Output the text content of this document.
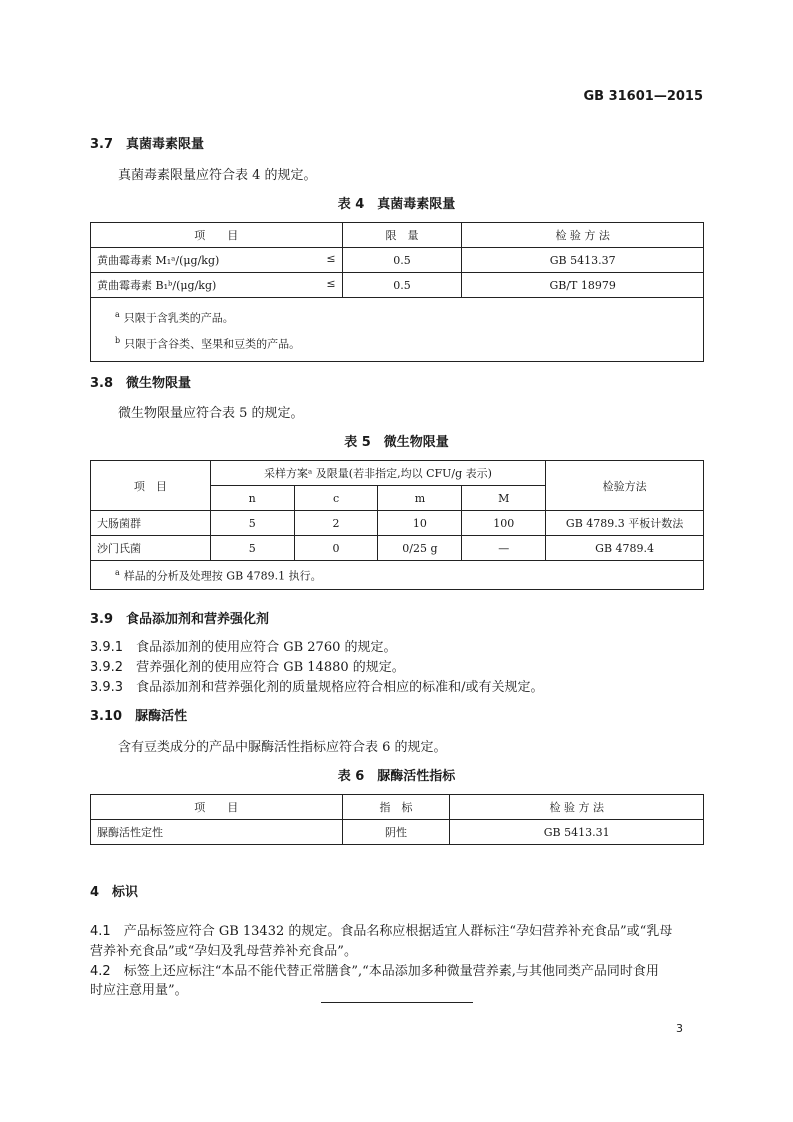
GB 31601—2015
3.7　真菌毒素限量
真菌毒素限量应符合表 4 的规定。
表 4　真菌毒素限量
项　　目	限　量	检 验 方 法
黄曲霉毒素 M₁ᵃ/(μg/kg) ≤	0.5	GB 5413.37
黄曲霉毒素 B₁ᵇ/(μg/kg) ≤	0.5	GB/T 18979

$^a$ 只限于含乳类的产品。
$^b$ 只限于含谷类、坚果和豆类的产品。		
3.8　微生物限量
微生物限量应符合表 5 的规定。
表 5　微生物限量
项　目	采样方案ᵃ 及限量(若非指定,均以 CFU/g 表示)				检验方法
	n	c	m	M	
大肠菌群	5	2	10	100	GB 4789.3 平板计数法
沙门氏菌	5	0	0/25 g	—	GB 4789.4
$^a$ 样品的分析及处理按 GB 4789.1 执行。					
3.9　食品添加剂和营养强化剂
3.9.1 食品添加剂的使用应符合 GB 2760 的规定。
3.9.2 营养强化剂的使用应符合 GB 14880 的规定。
3.9.3 食品添加剂和营养强化剂的质量规格应符合相应的标准和/或有关规定。
3.10　脲酶活性
含有豆类成分的产品中脲酶活性指标应符合表 6 的规定。
表 6　脲酶活性指标
项　　目	指　标	检 验 方 法
脲酶活性定性	阴性	GB 5413.31
4　标识
4.1 产品标签应符合 GB 13432 的规定。食品名称应根据适宜人群标注“孕妇营养补充食品”或“乳母
营养补充食品”或“孕妇及乳母营养补充食品”。
4.2 标签上还应标注“本品不能代替正常膳食”,“本品添加多种微量营养素,与其他同类产品同时食用
时应注意用量”。
3
